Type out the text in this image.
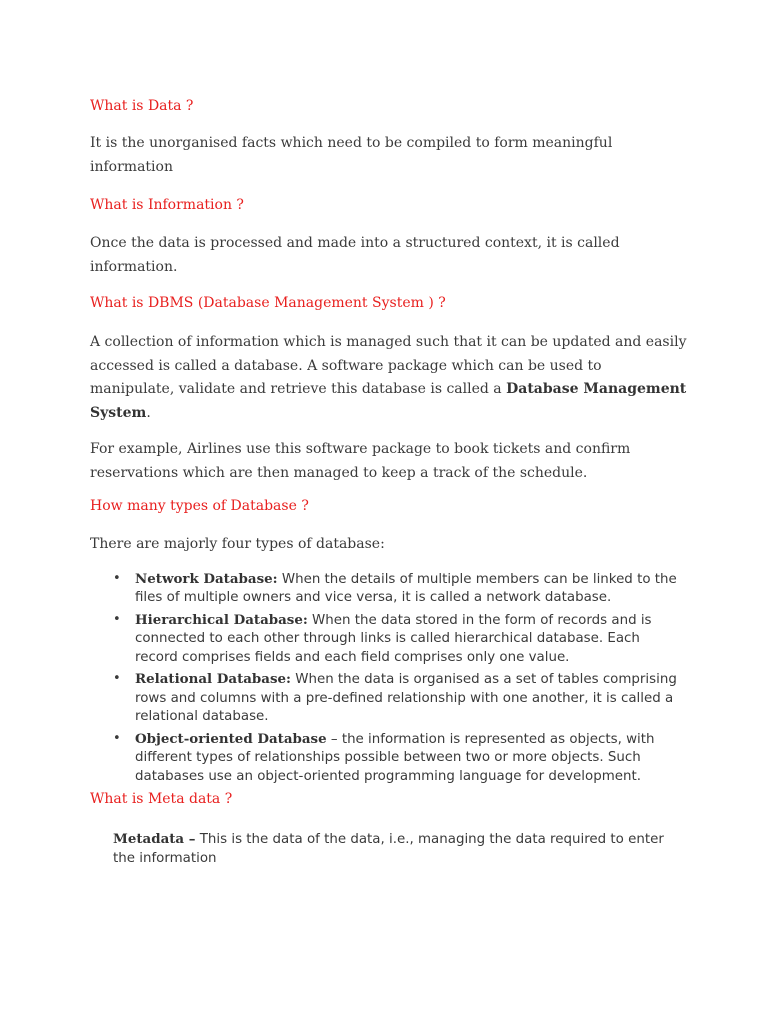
What is Data ?

It is the unorganised facts which need to be compiled to form meaningful information

What is Information ?

Once the data is processed and made into a structured context, it is called information.

What is DBMS (Database Management System ) ?

A collection of information which is managed such that it can be updated and easily accessed is called a database. A software package which can be used to manipulate, validate and retrieve this database is called a Database Management System.

For example, Airlines use this software package to book tickets and confirm reservations which are then managed to keep a track of the schedule.

How many types of Database ?

There are majorly four types of database:

• Network Database: When the details of multiple members can be linked to the files of multiple owners and vice versa, it is called a network database.
• Hierarchical Database: When the data stored in the form of records and is connected to each other through links is called hierarchical database. Each record comprises fields and each field comprises only one value.
• Relational Database: When the data is organised as a set of tables comprising rows and columns with a pre-defined relationship with one another, it is called a relational database.
• Object-oriented Database – the information is represented as objects, with different types of relationships possible between two or more objects. Such databases use an object-oriented programming language for development.

What is Meta data ?

Metadata – This is the data of the data, i.e., managing the data required to enter the information
